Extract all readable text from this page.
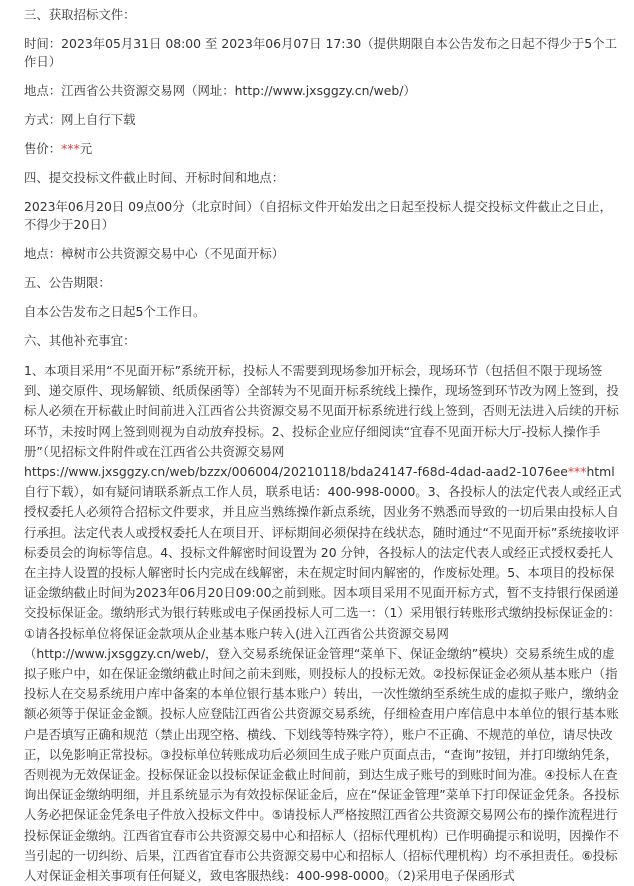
三、获取招标文件：

时间：2023年05月31日 08:00 至 2023年06月07日 17:30（提供期限自本公告发布之日起不得少于5个工作日）

地点：江西省公共资源交易网（网址：http://www.jxsggzy.cn/web/）

方式：网上自行下载

售价：***元

四、提交投标文件截止时间、开标时间和地点：

2023年06月20日 09点00分（北京时间）（自招标文件开始发出之日起至投标人提交投标文件截止之日止，不得少于20日）

地点：樟树市公共资源交易中心（不见面开标）

五、公告期限：

自本公告发布之日起5个工作日。

六、其他补充事宜：

1、本项目采用“不见面开标”系统开标，投标人不需要到现场参加开标会，现场环节（包括但不限于现场签到、递交原件、现场解锁、纸质保函等）全部转为不见面开标系统线上操作，现场签到环节改为网上签到，投标人必须在开标截止时间前进入江西省公共资源交易不见面开标系统进行线上签到，否则无法进入后续的开标环节，未按时网上签到则视为自动放弃投标。2、投标企业应仔细阅读“宜春不见面开标大厅-投标人操作手册”（见招标文件附件或在江西省公共资源交易网https://www.jxsggzy.cn/web/bzzx/006004/20210118/bda24147-f68d-4dad-aad2-1076ee***html 自行下载），如有疑问请联系新点工作人员，联系电话：400-998-0000。3、各投标人的法定代表人或经正式授权委托人必须符合招标文件要求，并且应当熟练操作新点系统，因业务不熟悉而导致的一切后果由投标人自行承担。法定代表人或授权委托人在项目开、评标期间必须保持在线状态，随时通过“不见面开标”系统接收评标委员会的询标等信息。4、投标文件解密时间设置为 20 分钟，各投标人的法定代表人或经正式授权委托人在主持人设置的投标人解密时长内完成在线解密，未在规定时间内解密的，作废标处理。5、本项目的投标保证金缴纳截止时间为2023年06月20日09:00之前到账。因本项目采用不见面开标方式，暂不支持银行保函递交投标保证金。缴纳形式为银行转账或电子保函投标人可二选一：（1）采用银行转账形式缴纳投标保证金的：①请各投标单位将保证金款项从企业基本账户转入(进入江西省公共资源交易网（http://www.jxsggzy.cn/web/，登入交易系统保证金管理“菜单下、保证金缴纳”模块）交易系统生成的虚拟子账户中，如在保证金缴纳截止时间之前未到账，则投标人的投标无效。②投标保证金必须从基本账户（指投标人在交易系统用户库中备案的本单位银行基本账户）转出，一次性缴纳至系统生成的虚拟子账户，缴纳金额必须等于保证金金额。投标人应登陆江西省公共资源交易系统，仔细检查用户库信息中本单位的银行基本账户是否填写正确和规范（禁止出现空格、横线、下划线等特殊字符），账户不正确、不规范的单位，请尽快改正，以免影响正常投标。③投标单位转账成功后必须回生成子账户页面点击，“查询”按钮，并打印缴纳凭条，否则视为无效保证金。投标保证金以投标保证金截止时间前，到达生成子账号的到账时间为准。④投标人在查询出保证金缴纳明细，并且系统显示为有效投标保证金后，应在“保证金管理”菜单下打印保证金凭条。各投标人务必把保证金凭条电子件放入投标文件中。⑤请投标人严格按照江西省公共资源交易网公布的操作流程进行投标保证金缴纳。江西省宜春市公共资源交易中心和招标人（招标代理机构）已作明确提示和说明，因操作不当引起的一切纠纷、后果，江西省宜春市公共资源交易中心和招标人（招标代理机构）均不承担责任。⑥投标人对保证金相关事项有任何疑义，致电客服热线：400-998-0000。（2)采用电子保函形式
